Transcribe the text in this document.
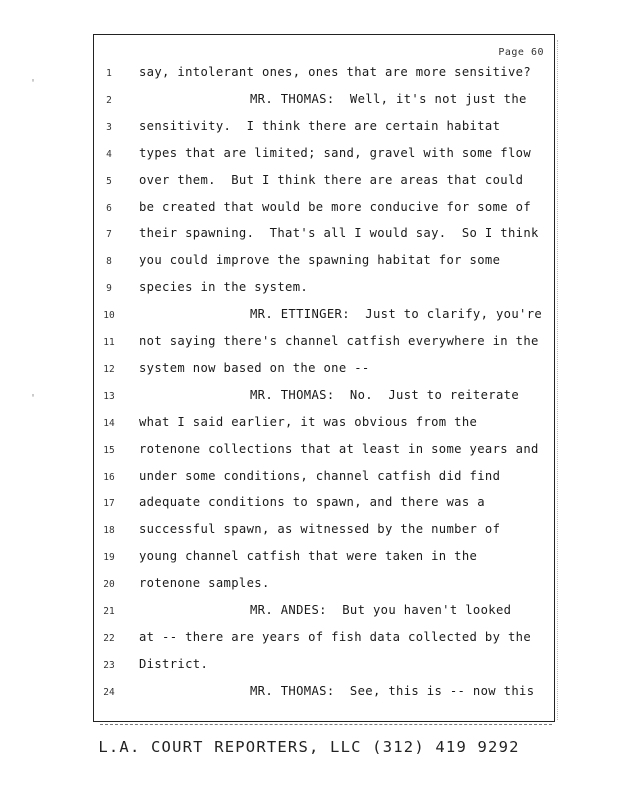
Page 60
1	say, intolerant ones, ones that are more sensitive?
2	MR. THOMAS:  Well, it's not just the
3	sensitivity.  I think there are certain habitat
4	types that are limited; sand, gravel with some flow
5	over them.  But I think there are areas that could
6	be created that would be more conducive for some of
7	their spawning.  That's all I would say.  So I think
8	you could improve the spawning habitat for some
9	species in the system.
10	MR. ETTINGER:  Just to clarify, you're
11	not saying there's channel catfish everywhere in the
12	system now based on the one --
13	MR. THOMAS:  No.  Just to reiterate
14	what I said earlier, it was obvious from the
15	rotenone collections that at least in some years and
16	under some conditions, channel catfish did find
17	adequate conditions to spawn, and there was a
18	successful spawn, as witnessed by the number of
19	young channel catfish that were taken in the
20	rotenone samples.
21	MR. ANDES:  But you haven't looked
22	at -- there are years of fish data collected by the
23	District.
24	MR. THOMAS:  See, this is -- now this
L.A. COURT REPORTERS, LLC (312) 419 9292
'
'
